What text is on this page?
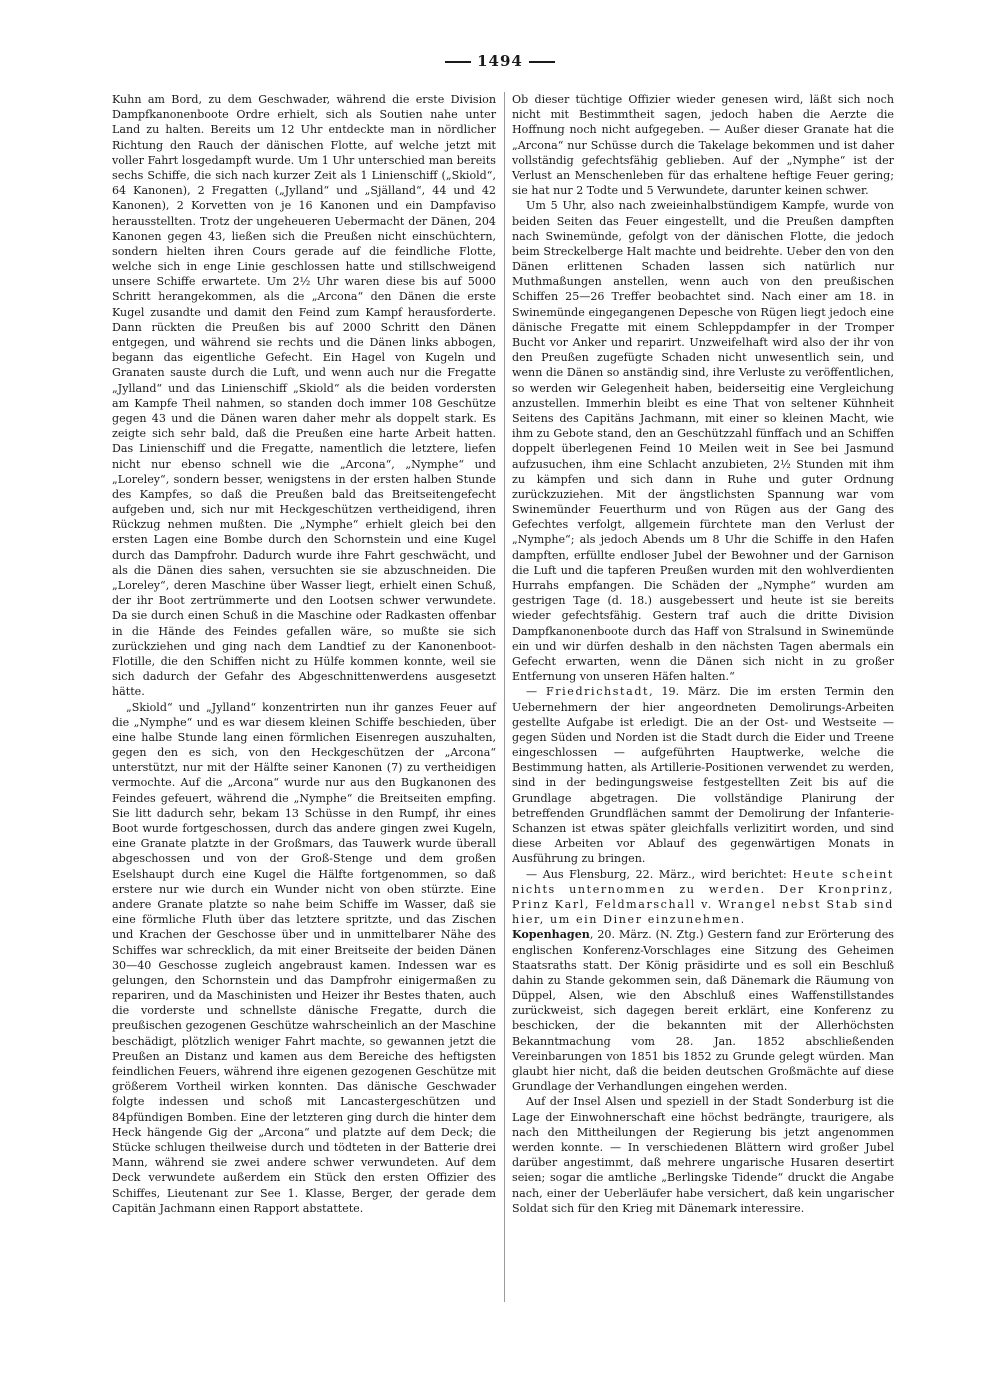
1494

Kuhn am Bord, zu dem Geschwader, während die erste Division Dampfkanonenboote Ordre erhielt, sich als Soutien nahe unter Land zu halten. Bereits um 12 Uhr entdeckte man in nördlicher Richtung den Rauch der dänischen Flotte, auf welche jetzt mit voller Fahrt losgedampft wurde. Um 1 Uhr unterschied man bereits sechs Schiffe, die sich nach kurzer Zeit als 1 Linienschiff („Skiold“, 64 Kanonen), 2 Fregatten („Jylland“ und „Själland“, 44 und 42 Kanonen), 2 Korvetten von je 16 Kanonen und ein Dampfaviso herausstellten. Trotz der ungeheueren Uebermacht der Dänen, 204 Kanonen gegen 43, ließen sich die Preußen nicht einschüchtern, sondern hielten ihren Cours gerade auf die feindliche Flotte, welche sich in enge Linie geschlossen hatte und stillschweigend unsere Schiffe erwartete. Um 2½ Uhr waren diese bis auf 5000 Schritt herangekommen, als die „Arcona“ den Dänen die erste Kugel zusandte und damit den Feind zum Kampf herausforderte. Dann rückten die Preußen bis auf 2000 Schritt den Dänen entgegen, und während sie rechts und die Dänen links abbogen, begann das eigentliche Gefecht. Ein Hagel von Kugeln und Granaten sauste durch die Luft, und wenn auch nur die Fregatte „Jylland“ und das Linienschiff „Skiold“ als die beiden vordersten am Kampfe Theil nahmen, so standen doch immer 108 Geschütze gegen 43 und die Dänen waren daher mehr als doppelt stark. Es zeigte sich sehr bald, daß die Preußen eine harte Arbeit hatten. Das Linienschiff und die Fregatte, namentlich die letztere, liefen nicht nur ebenso schnell wie die „Arcona“, „Nymphe“ und „Loreley“, sondern besser, wenigstens in der ersten halben Stunde des Kampfes, so daß die Preußen bald das Breitseitengefecht aufgeben und, sich nur mit Heckgeschützen vertheidigend, ihren Rückzug nehmen mußten. Die „Nymphe“ erhielt gleich bei den ersten Lagen eine Bombe durch den Schornstein und eine Kugel durch das Dampfrohr. Dadurch wurde ihre Fahrt geschwächt, und als die Dänen dies sahen, versuchten sie sie abzuschneiden. Die „Loreley“, deren Maschine über Wasser liegt, erhielt einen Schuß, der ihr Boot zertrümmerte und den Lootsen schwer verwundete. Da sie durch einen Schuß in die Maschine oder Radkasten offenbar in die Hände des Feindes gefallen wäre, so mußte sie sich zurückziehen und ging nach dem Landtief zu der Kanonenboot-Flotille, die den Schiffen nicht zu Hülfe kommen konnte, weil sie sich dadurch der Gefahr des Abgeschnittenwerdens ausgesetzt hätte.

„Skiold“ und „Jylland“ konzentrirten nun ihr ganzes Feuer auf die „Nymphe“ und es war diesem kleinen Schiffe beschieden, über eine halbe Stunde lang einen förmlichen Eisenregen auszuhalten, gegen den es sich, von den Heckgeschützen der „Arcona“ unterstützt, nur mit der Hälfte seiner Kanonen (7) zu vertheidigen vermochte. Auf die „Arcona“ wurde nur aus den Bugkanonen des Feindes gefeuert, während die „Nymphe“ die Breitseiten empfing. Sie litt dadurch sehr, bekam 13 Schüsse in den Rumpf, ihr eines Boot wurde fortgeschossen, durch das andere gingen zwei Kugeln, eine Granate platzte in der Großmars, das Tauwerk wurde überall abgeschossen und von der Groß-Stenge und dem großen Eselshaupt durch eine Kugel die Hälfte fortgenommen, so daß erstere nur wie durch ein Wunder nicht von oben stürzte. Eine andere Granate platzte so nahe beim Schiffe im Wasser, daß sie eine förmliche Fluth über das letztere spritzte, und das Zischen und Krachen der Geschosse über und in unmittelbarer Nähe des Schiffes war schrecklich, da mit einer Breitseite der beiden Dänen 30—40 Geschosse zugleich angebraust kamen. Indessen war es gelungen, den Schornstein und das Dampfrohr einigermaßen zu repariren, und da Maschinisten und Heizer ihr Bestes thaten, auch die vorderste und schnellste dänische Fregatte, durch die preußischen gezogenen Geschütze wahrscheinlich an der Maschine beschädigt, plötzlich weniger Fahrt machte, so gewannen jetzt die Preußen an Distanz und kamen aus dem Bereiche des heftigsten feindlichen Feuers, während ihre eigenen gezogenen Geschütze mit größerem Vortheil wirken konnten. Das dänische Geschwader folgte indessen und schoß mit Lancastergeschützen und 84pfündigen Bomben. Eine der letzteren ging durch die hinter dem Heck hängende Gig der „Arcona“ und platzte auf dem Deck; die Stücke schlugen theilweise durch und tödteten in der Batterie drei Mann, während sie zwei andere schwer verwundeten. Auf dem Deck verwundete außerdem ein Stück den ersten Offizier des Schiffes, Lieutenant zur See 1. Klasse, Berger, der gerade dem Capitän Jachmann einen Rapport abstattete.

Ob dieser tüchtige Offizier wieder genesen wird, läßt sich noch nicht mit Bestimmtheit sagen, jedoch haben die Aerzte die Hoffnung noch nicht aufgegeben. — Außer dieser Granate hat die „Arcona“ nur Schüsse durch die Takelage bekommen und ist daher vollständig gefechtsfähig geblieben. Auf der „Nymphe“ ist der Verlust an Menschenleben für das erhaltene heftige Feuer gering; sie hat nur 2 Todte und 5 Verwundete, darunter keinen schwer.

Um 5 Uhr, also nach zweieinhalbstündigem Kampfe, wurde von beiden Seiten das Feuer eingestellt, und die Preußen dampften nach Swinemünde, gefolgt von der dänischen Flotte, die jedoch beim Streckelberge Halt machte und beidrehte. Ueber den von den Dänen erlittenen Schaden lassen sich natürlich nur Muthmaßungen anstellen, wenn auch von den preußischen Schiffen 25—26 Treffer beobachtet sind. Nach einer am 18. in Swinemünde eingegangenen Depesche von Rügen liegt jedoch eine dänische Fregatte mit einem Schleppdampfer in der Tromper Bucht vor Anker und reparirt. Unzweifelhaft wird also der ihr von den Preußen zugefügte Schaden nicht unwesentlich sein, und wenn die Dänen so anständig sind, ihre Verluste zu veröffentlichen, so werden wir Gelegenheit haben, beiderseitig eine Vergleichung anzustellen. Immerhin bleibt es eine That von seltener Kühnheit Seitens des Capitäns Jachmann, mit einer so kleinen Macht, wie ihm zu Gebote stand, den an Geschützzahl fünffach und an Schiffen doppelt überlegenen Feind 10 Meilen weit in See bei Jasmund aufzusuchen, ihm eine Schlacht anzubieten, 2½ Stunden mit ihm zu kämpfen und sich dann in Ruhe und guter Ordnung zurückzuziehen. Mit der ängstlichsten Spannung war vom Swinemünder Feuerthurm und von Rügen aus der Gang des Gefechtes verfolgt, allgemein fürchtete man den Verlust der „Nymphe“; als jedoch Abends um 8 Uhr die Schiffe in den Hafen dampften, erfüllte endloser Jubel der Bewohner und der Garnison die Luft und die tapferen Preußen wurden mit den wohlverdienten Hurrahs empfangen. Die Schäden der „Nymphe“ wurden am gestrigen Tage (d. 18.) ausgebessert und heute ist sie bereits wieder gefechtsfähig. Gestern traf auch die dritte Division Dampfkanonenboote durch das Haff von Stralsund in Swinemünde ein und wir dürfen deshalb in den nächsten Tagen abermals ein Gefecht erwarten, wenn die Dänen sich nicht in zu großer Entfernung von unseren Häfen halten.“

— Friedrichstadt, 19. März. Die im ersten Termin den Uebernehmern der hier angeordneten Demolirungs-Arbeiten gestellte Aufgabe ist erledigt. Die an der Ost- und Westseite — gegen Süden und Norden ist die Stadt durch die Eider und Treene eingeschlossen — aufgeführten Hauptwerke, welche die Bestimmung hatten, als Artillerie-Positionen verwendet zu werden, sind in der bedingungsweise festgestellten Zeit bis auf die Grundlage abgetragen. Die vollständige Planirung der betreffenden Grundflächen sammt der Demolirung der Infanterie-Schanzen ist etwas später gleichfalls verlizitirt worden, und sind diese Arbeiten vor Ablauf des gegenwärtigen Monats in Ausführung zu bringen.

— Aus Flensburg, 22. März., wird berichtet: Heute scheint nichts unternommen zu werden. Der Kronprinz, Prinz Karl, Feldmarschall v. Wrangel nebst Stab sind hier, um ein Diner einzunehmen.

Kopenhagen, 20. März. (N. Ztg.) Gestern fand zur Erörterung des englischen Konferenz-Vorschlages eine Sitzung des Geheimen Staatsraths statt. Der König präsidirte und es soll ein Beschluß dahin zu Stande gekommen sein, daß Dänemark die Räumung von Düppel, Alsen, wie den Abschluß eines Waffenstillstandes zurückweist, sich dagegen bereit erklärt, eine Konferenz zu beschicken, der die bekannten mit der Allerhöchsten Bekanntmachung vom 28. Jan. 1852 abschließenden Vereinbarungen von 1851 bis 1852 zu Grunde gelegt würden. Man glaubt hier nicht, daß die beiden deutschen Großmächte auf diese Grundlage der Verhandlungen eingehen werden.

Auf der Insel Alsen und speziell in der Stadt Sonderburg ist die Lage der Einwohnerschaft eine höchst bedrängte, traurigere, als nach den Mittheilungen der Regierung bis jetzt angenommen werden konnte. — In verschiedenen Blättern wird großer Jubel darüber angestimmt, daß mehrere ungarische Husaren desertirt seien; sogar die amtliche „Berlingske Tidende“ druckt die Angabe nach, einer der Ueberläufer habe versichert, daß kein ungarischer Soldat sich für den Krieg mit Dänemark interessire.
